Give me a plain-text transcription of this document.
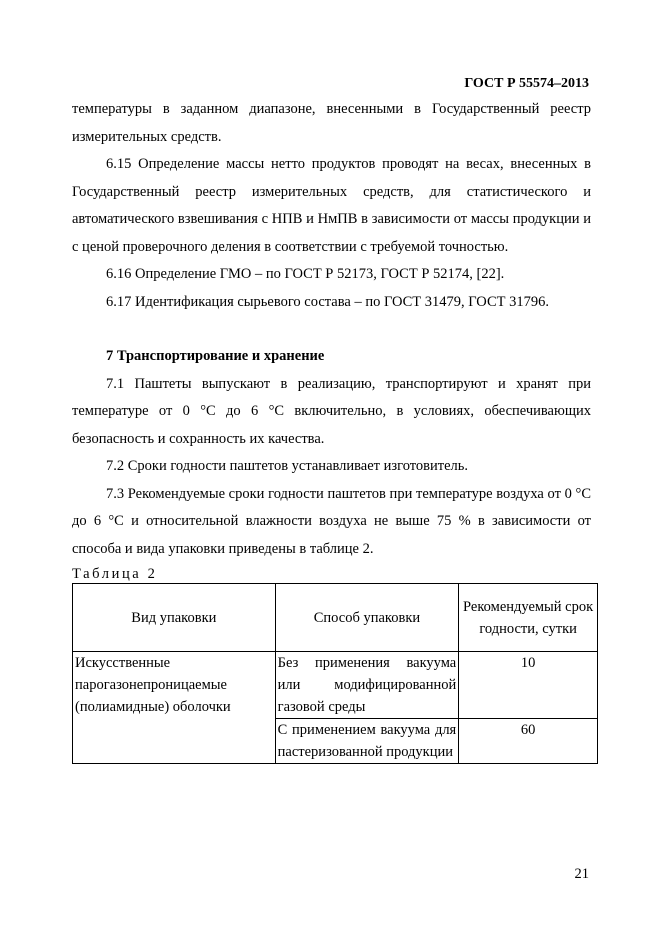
ГОСТ Р 55574–2013

температуры в заданном диапазоне, внесенными в Государственный реестр измерительных средств.

6.15 Определение массы нетто продуктов проводят на весах, внесенных в Государственный реестр измерительных средств, для статистического и автоматического взвешивания с НПВ и НмПВ в зависимости от массы продукции и с ценой проверочного деления в соответствии с требуемой точностью.

6.16 Определение ГМО – по ГОСТ Р 52173, ГОСТ Р 52174, [22].

6.17 Идентификация сырьевого состава – по ГОСТ 31479, ГОСТ 31796.

7 Транспортирование и хранение

7.1 Паштеты выпускают в реализацию, транспортируют и хранят при температуре от 0 °С до 6 °С включительно, в условиях, обеспечивающих безопасность и сохранность их качества.

7.2 Сроки годности паштетов устанавливает изготовитель.

7.3 Рекомендуемые сроки годности паштетов при температуре воздуха от 0 °С до 6 °С и относительной влажности воздуха не выше 75 % в зависимости от способа и вида упаковки приведены в таблице 2.

Таблица 2

Вид упаковки	Способ упаковки	Рекомендуемый срок годности, сутки
Искусственные парогазонепроницаемые (полиамидные) оболочки	Без применения вакуума или модифицированной газовой среды	10
	С применением вакуума для пастеризованной продукции	60
21
